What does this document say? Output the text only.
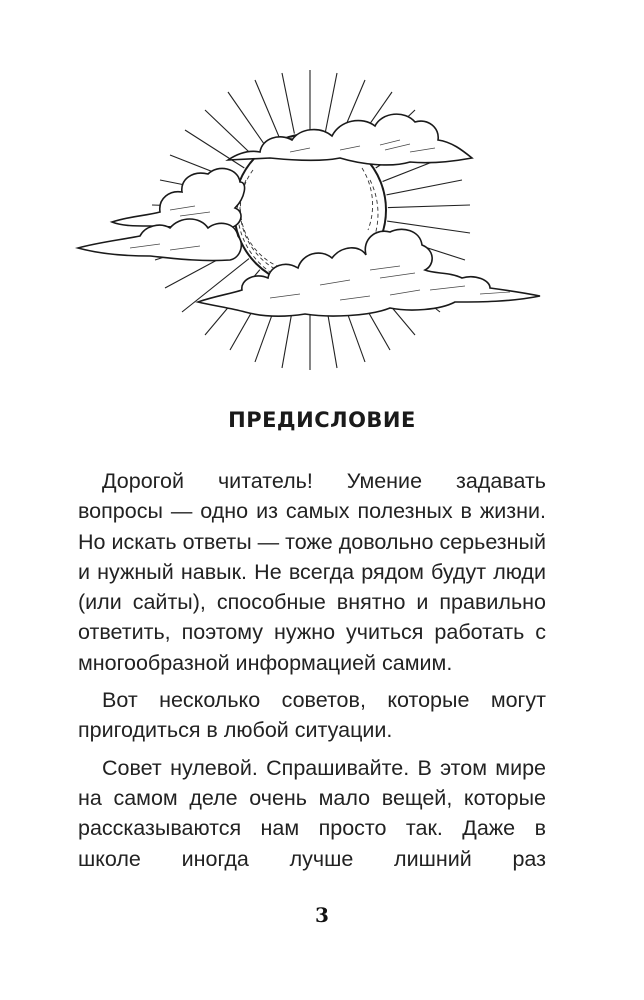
ПРЕДИСЛОВИЕ

Дорогой читатель! Умение задавать вопросы — одно из самых полезных в жизни. Но искать ответы — тоже довольно серьезный и нужный навык. Не всегда рядом будут люди (или сайты), способные внятно и правильно ответить, поэтому нужно учиться работать с многообразной информацией самим.

Вот несколько советов, которые могут пригодиться в любой ситуации.

Совет нулевой. Спрашивайте. В этом мире на самом деле очень мало вещей, которые рассказываются нам просто так. Даже в школе иногда лучше лишний раз

3
